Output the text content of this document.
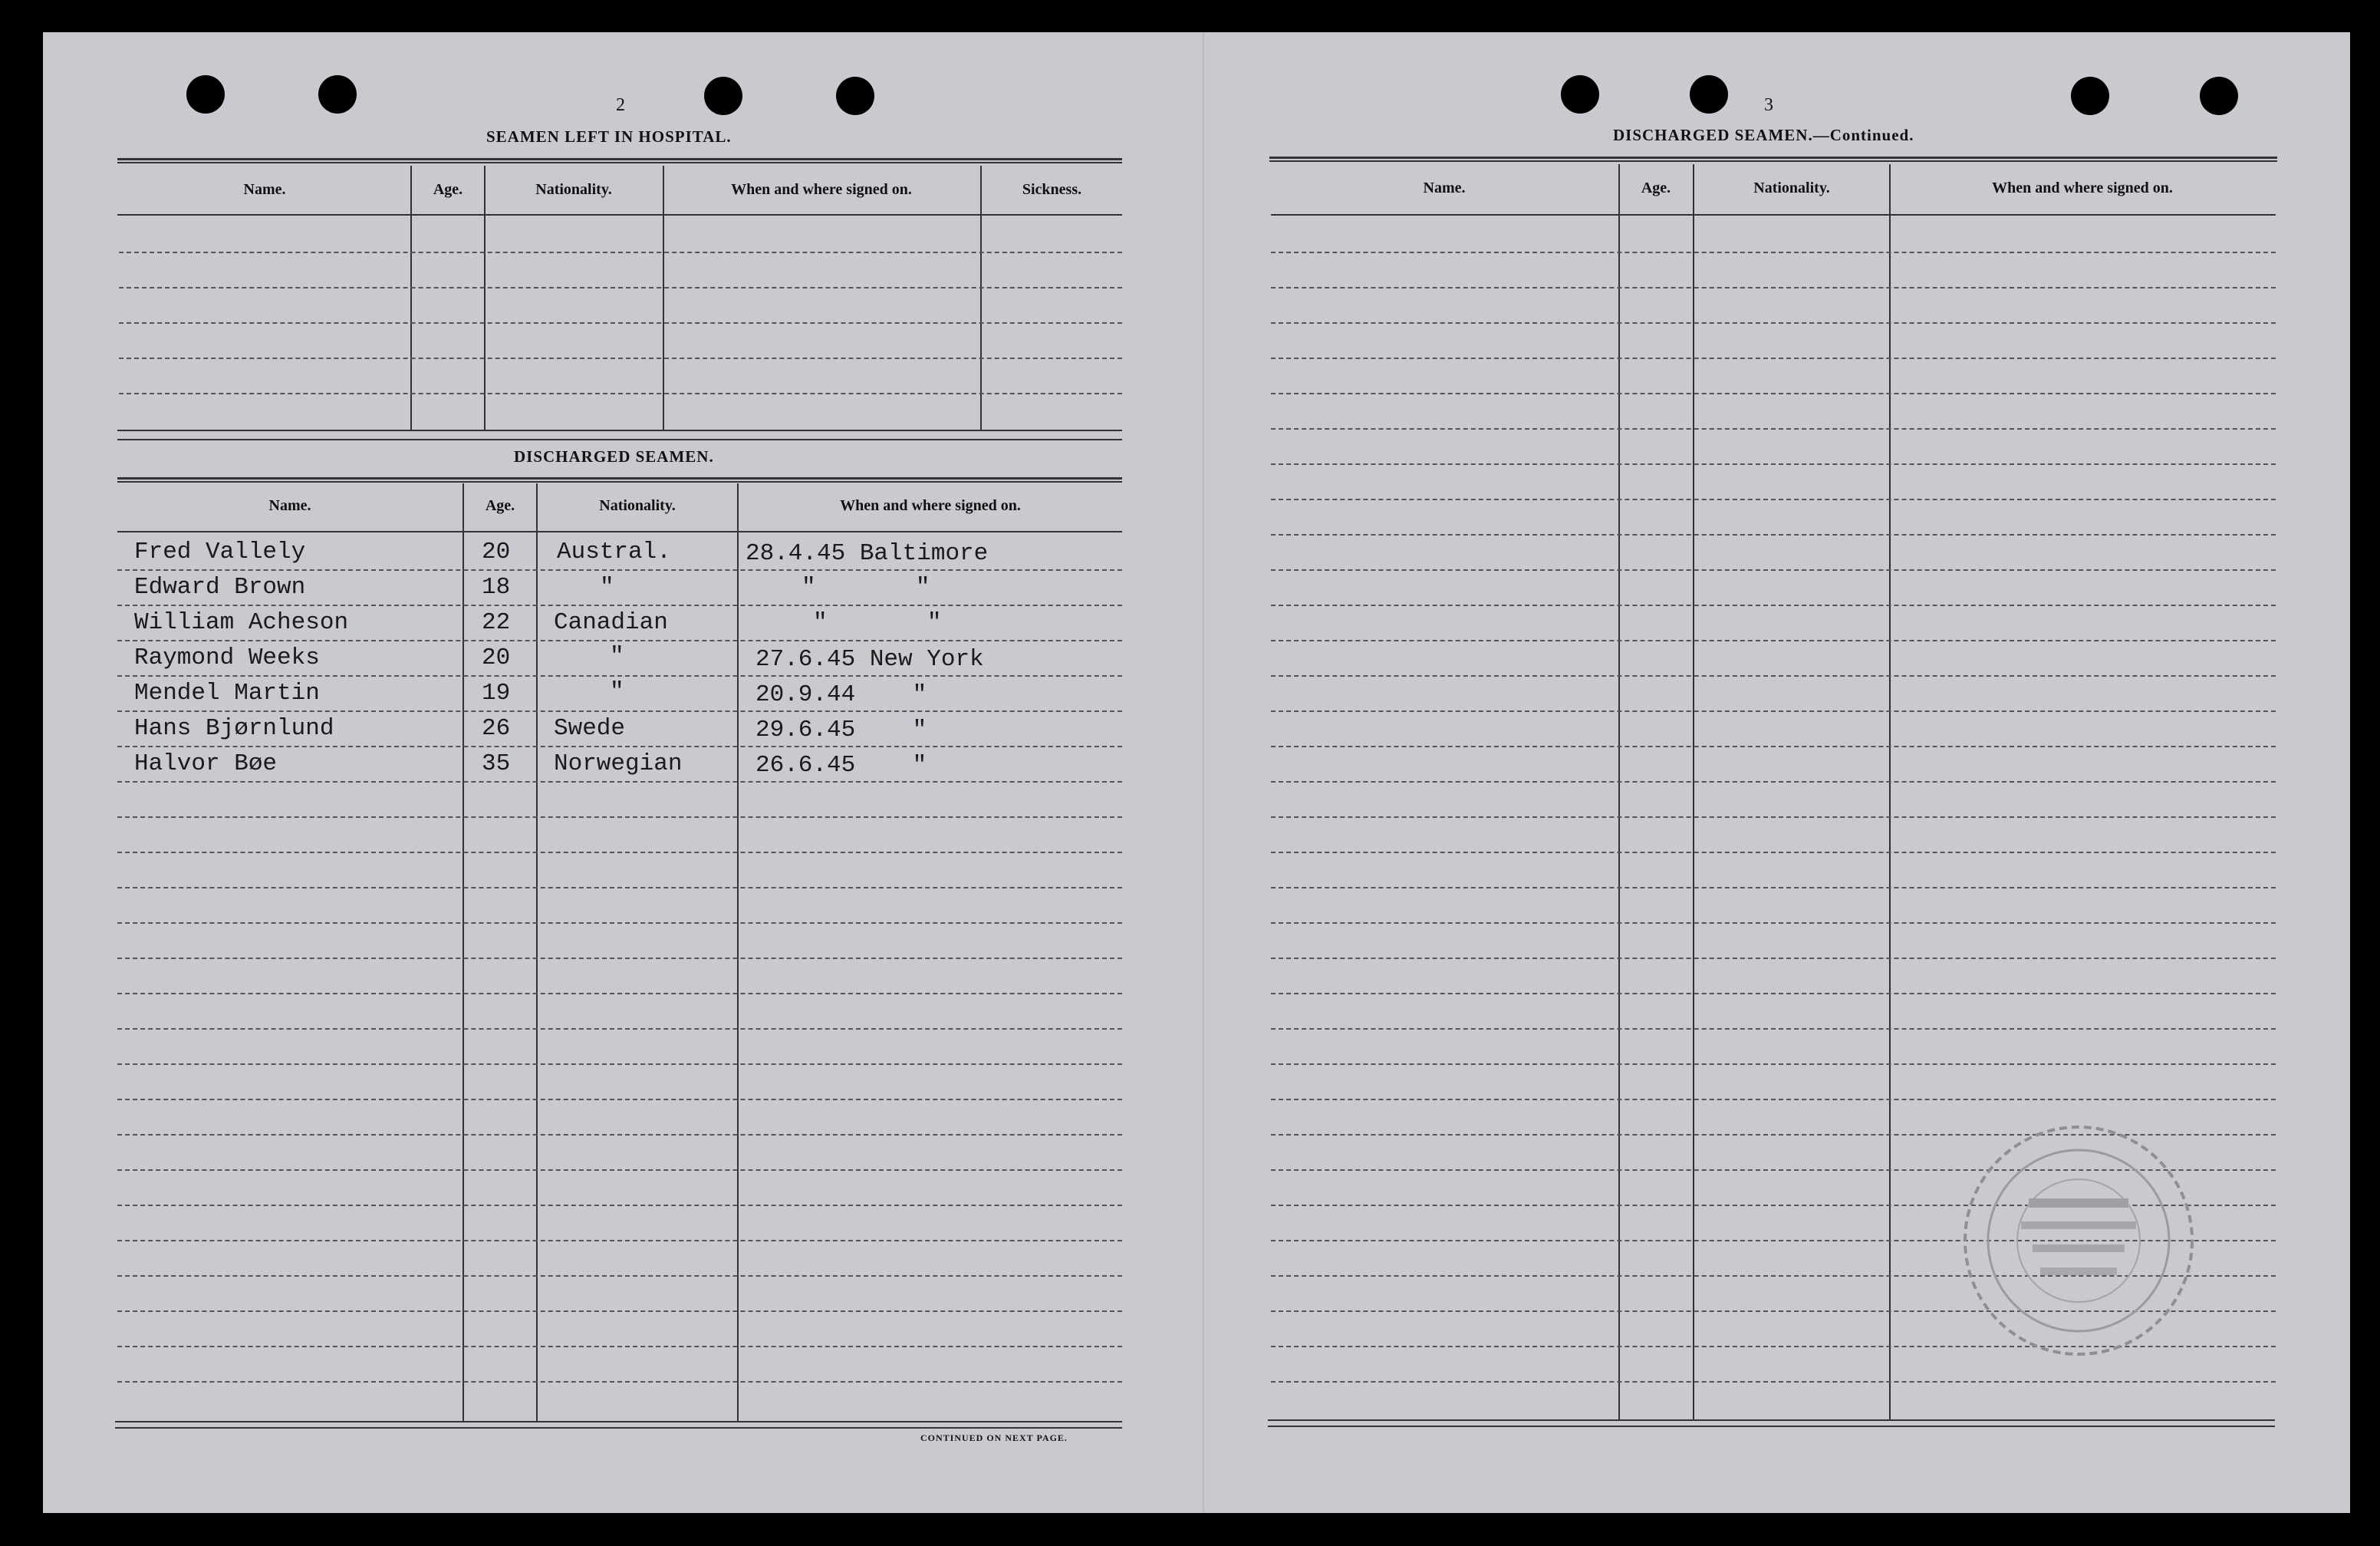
2
SEAMEN LEFT IN HOSPITAL.
Name.	Age.	Nationality.	When and where signed on.	Sickness.
DISCHARGED SEAMEN.
Name.	Age.	Nationality.	When and where signed on.
Fred Vallely	20 Austral.	28.4.45 Baltimore
Edward Brown	18	"	"       "
William Acheson	22 Canadian	"       "
Raymond Weeks	20	"	27.6.45 New York
Mendel Martin	19	"	20.9.44    "
Hans Bjørnlund	26 Swede	29.6.45    "
Halvor Bøe	35 Norwegian	26.6.45    "
CONTINUED ON NEXT PAGE.
3
DISCHARGED SEAMEN.—Continued.
Name.	Age.	Nationality.	When and where signed on.
